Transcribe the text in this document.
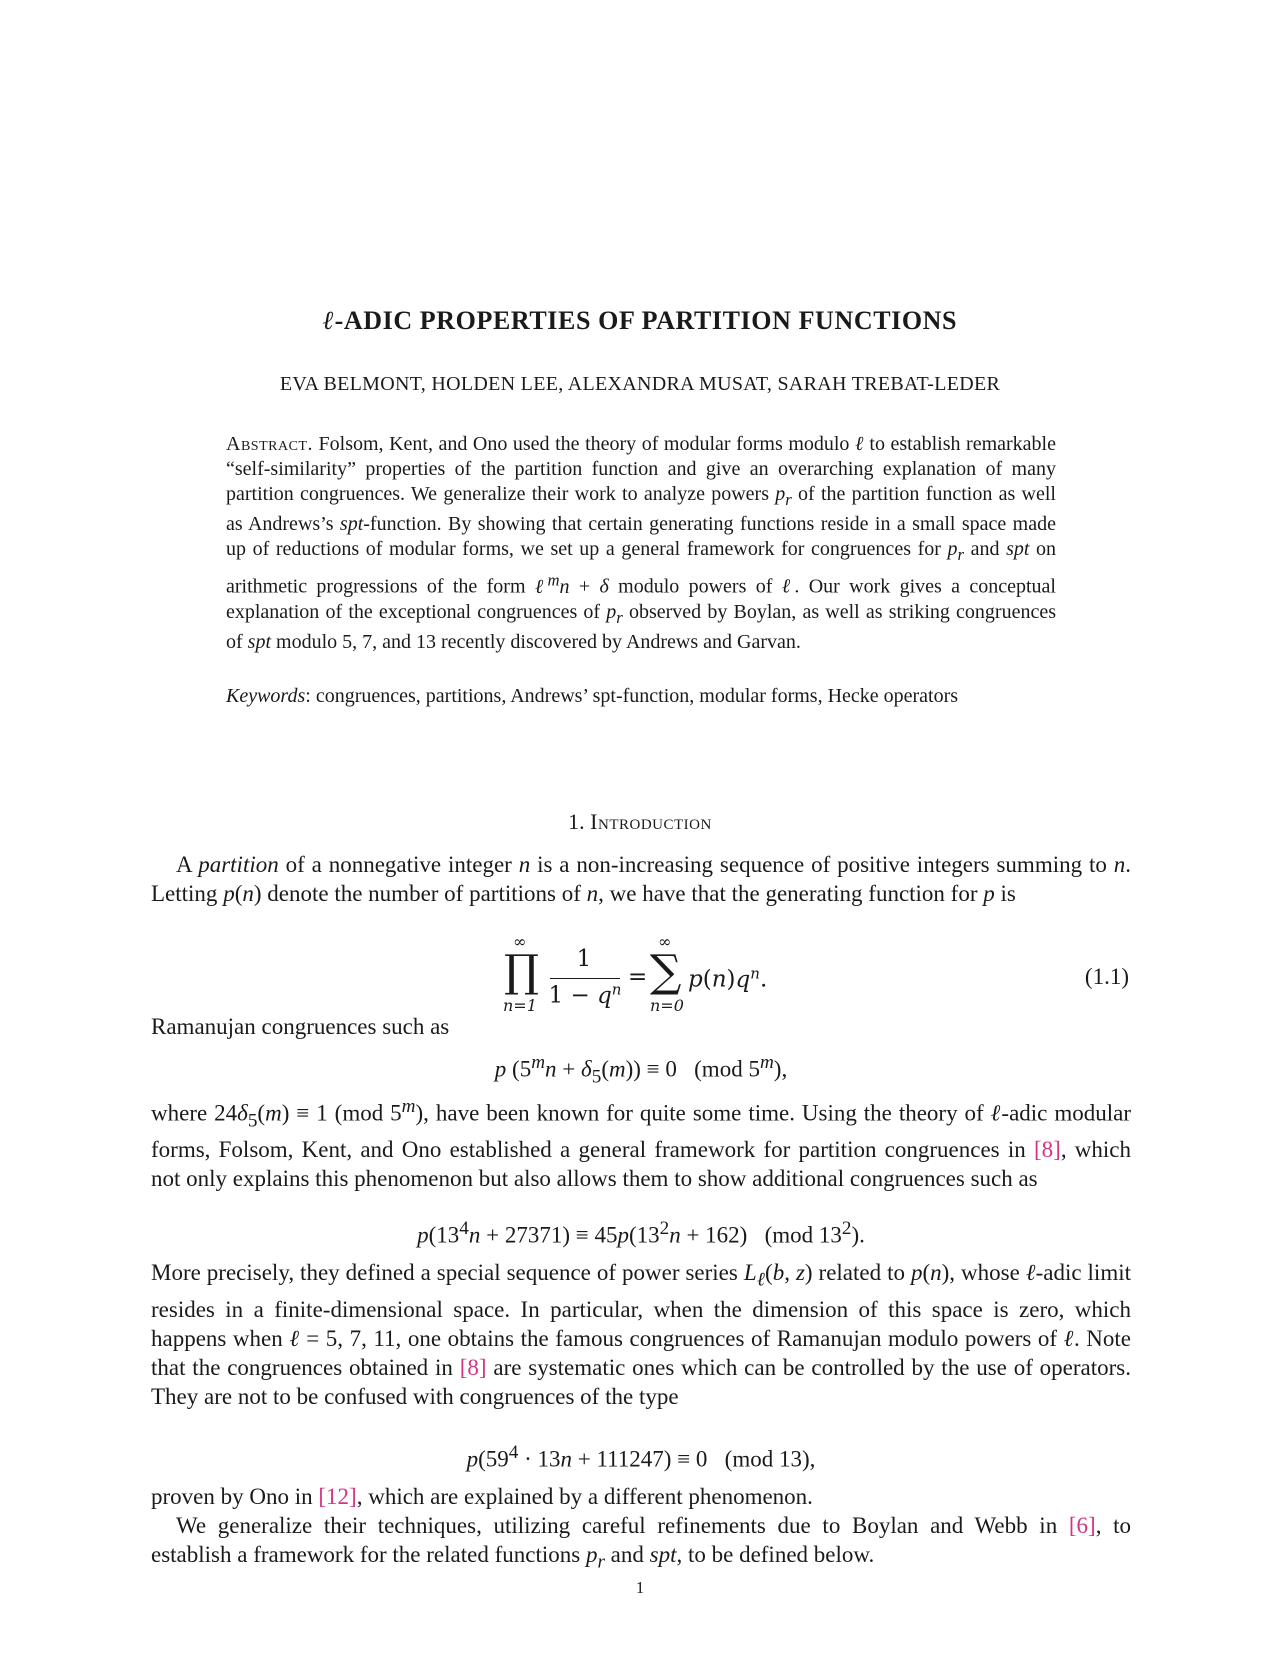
ℓ-ADIC PROPERTIES OF PARTITION FUNCTIONS
EVA BELMONT, HOLDEN LEE, ALEXANDRA MUSAT, SARAH TREBAT-LEDER
Abstract. Folsom, Kent, and Ono used the theory of modular forms modulo ℓ to establish remarkable “self-similarity” properties of the partition function and give an overarching explanation of many partition congruences. We generalize their work to analyze powers $p_r$ of the partition function as well as Andrews’s spt-function. By showing that certain generating functions reside in a small space made up of reductions of modular forms, we set up a general framework for congruences for $p_r$ and spt on arithmetic progressions of the form ℓ$^m$n + δ modulo powers of ℓ. Our work gives a conceptual explanation of the exceptional congruences of $p_r$ observed by Boylan, as well as striking congruences of spt modulo 5, 7, and 13 recently discovered by Andrews and Garvan.
Keywords: congruences, partitions, Andrews’ spt-function, modular forms, Hecke operators
1. Introduction
A partition of a nonnegative integer n is a non-increasing sequence of positive integers summing to n. Letting p(n) denote the number of partitions of n, we have that the generating function for p is
∞
∏
n=1
1
$1 - q^n$ =
∞
∑
n=0
$p(n)q^n$.	(1.1)
Ramanujan congruences such as
p $(5^mn + \delta_5(m)) \equiv 0$   (mod 5$^m$),
where $24\delta_5(m) \equiv 1$ (mod 5$^m$), have been known for quite some time. Using the theory of ℓ-adic modular forms, Folsom, Kent, and Ono established a general framework for partition congruences in [8], which not only explains this phenomenon but also allows them to show additional congruences such as
$p(13^4n + 27371) \equiv 45p(13^2n + 162)$   (mod $13^2$).
More precisely, they defined a special sequence of power series $L_\ell(b$, z) related to p(n), whose ℓ-adic limit resides in a finite-dimensional space. In particular, when the dimension of this space is zero, which happens when ℓ = 5, 7, 11, one obtains the famous congruences of Ramanujan modulo powers of ℓ. Note that the congruences obtained in [8] are systematic ones which can be controlled by the use of operators. They are not to be confused with congruences of the type
$p(59^4 \cdot 13n + 111247) \equiv 0$   (mod 13),
proven by Ono in [12], which are explained by a different phenomenon.
We generalize their techniques, utilizing careful refinements due to Boylan and Webb in [6], to establish a framework for the related functions $p_r$ and spt, to be defined below.
1
